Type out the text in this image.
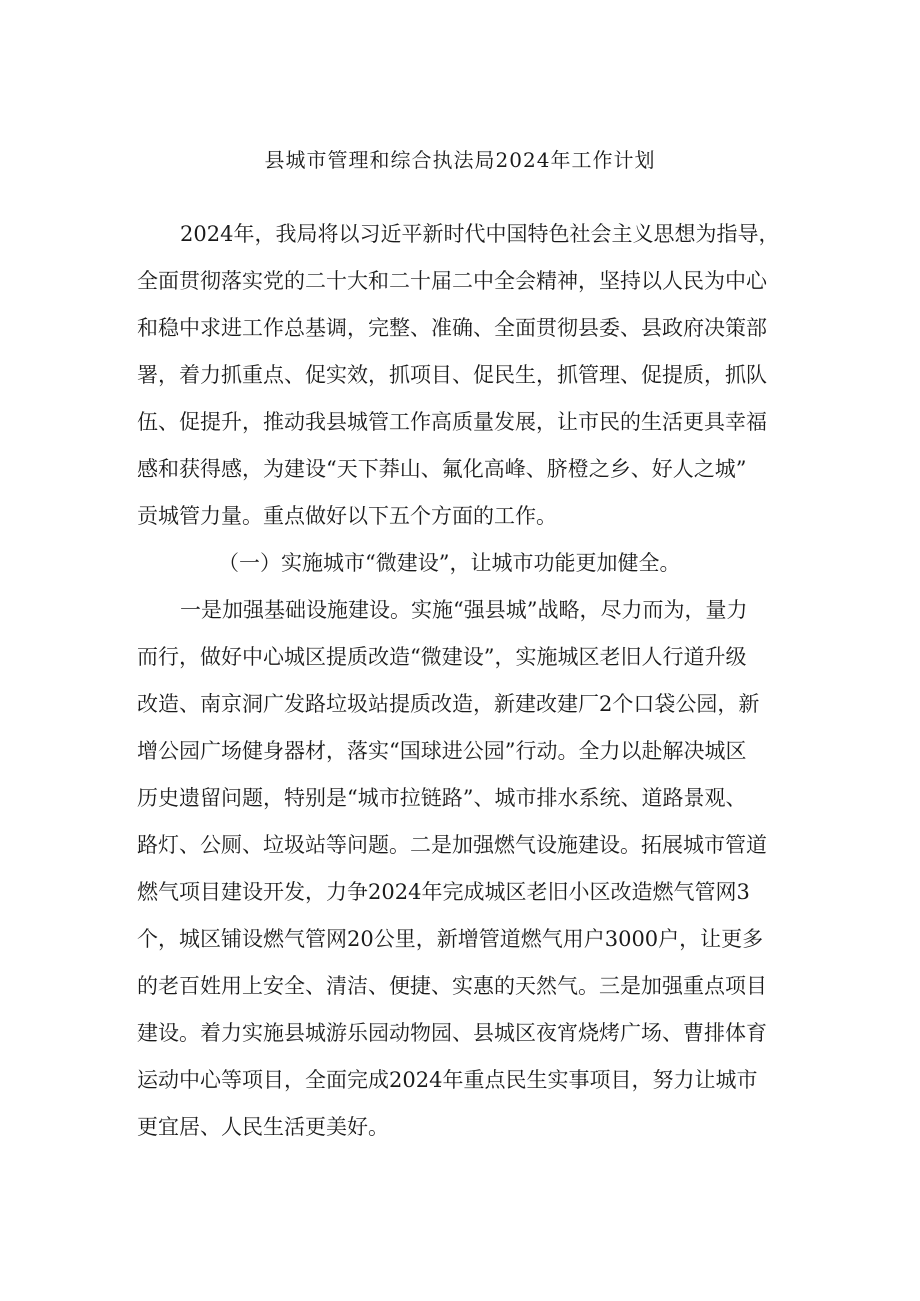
县城市管理和综合执法局2024年工作计划
2024年，我局将以习近平新时代中国特色社会主义思想为指导，
全面贯彻落实党的二十大和二十届二中全会精神，坚持以人民为中心
和稳中求进工作总基调，完整、准确、全面贯彻县委、县政府决策部
署，着力抓重点、促实效，抓项目、促民生，抓管理、促提质，抓队
伍、促提升，推动我县城管工作高质量发展，让市民的生活更具幸福
感和获得感，为建设“天下莽山、氟化高峰、脐橙之乡、好人之城”
贡城管力量。重点做好以下五个方面的工作。
（一）实施城市“微建设”，让城市功能更加健全。
一是加强基础设施建设。实施“强县城”战略，尽力而为，量力
而行，做好中心城区提质改造“微建设”，实施城区老旧人行道升级
改造、南京洞广发路垃圾站提质改造，新建改建厂2个口袋公园，新
增公园广场健身器材，落实“国球进公园”行动。全力以赴解决城区
历史遗留问题，特别是“城市拉链路”、城市排水系统、道路景观、
路灯、公厕、垃圾站等问题。二是加强燃气设施建设。拓展城市管道
燃气项目建设开发，力争2024年完成城区老旧小区改造燃气管网3
个，城区铺设燃气管网20公里，新增管道燃气用户3000户，让更多
的老百姓用上安全、清洁、便捷、实惠的天然气。三是加强重点项目
建设。着力实施县城游乐园动物园、县城区夜宵烧烤广场、曹排体育
运动中心等项目，全面完成2024年重点民生实事项目，努力让城市
更宜居、人民生活更美好。
